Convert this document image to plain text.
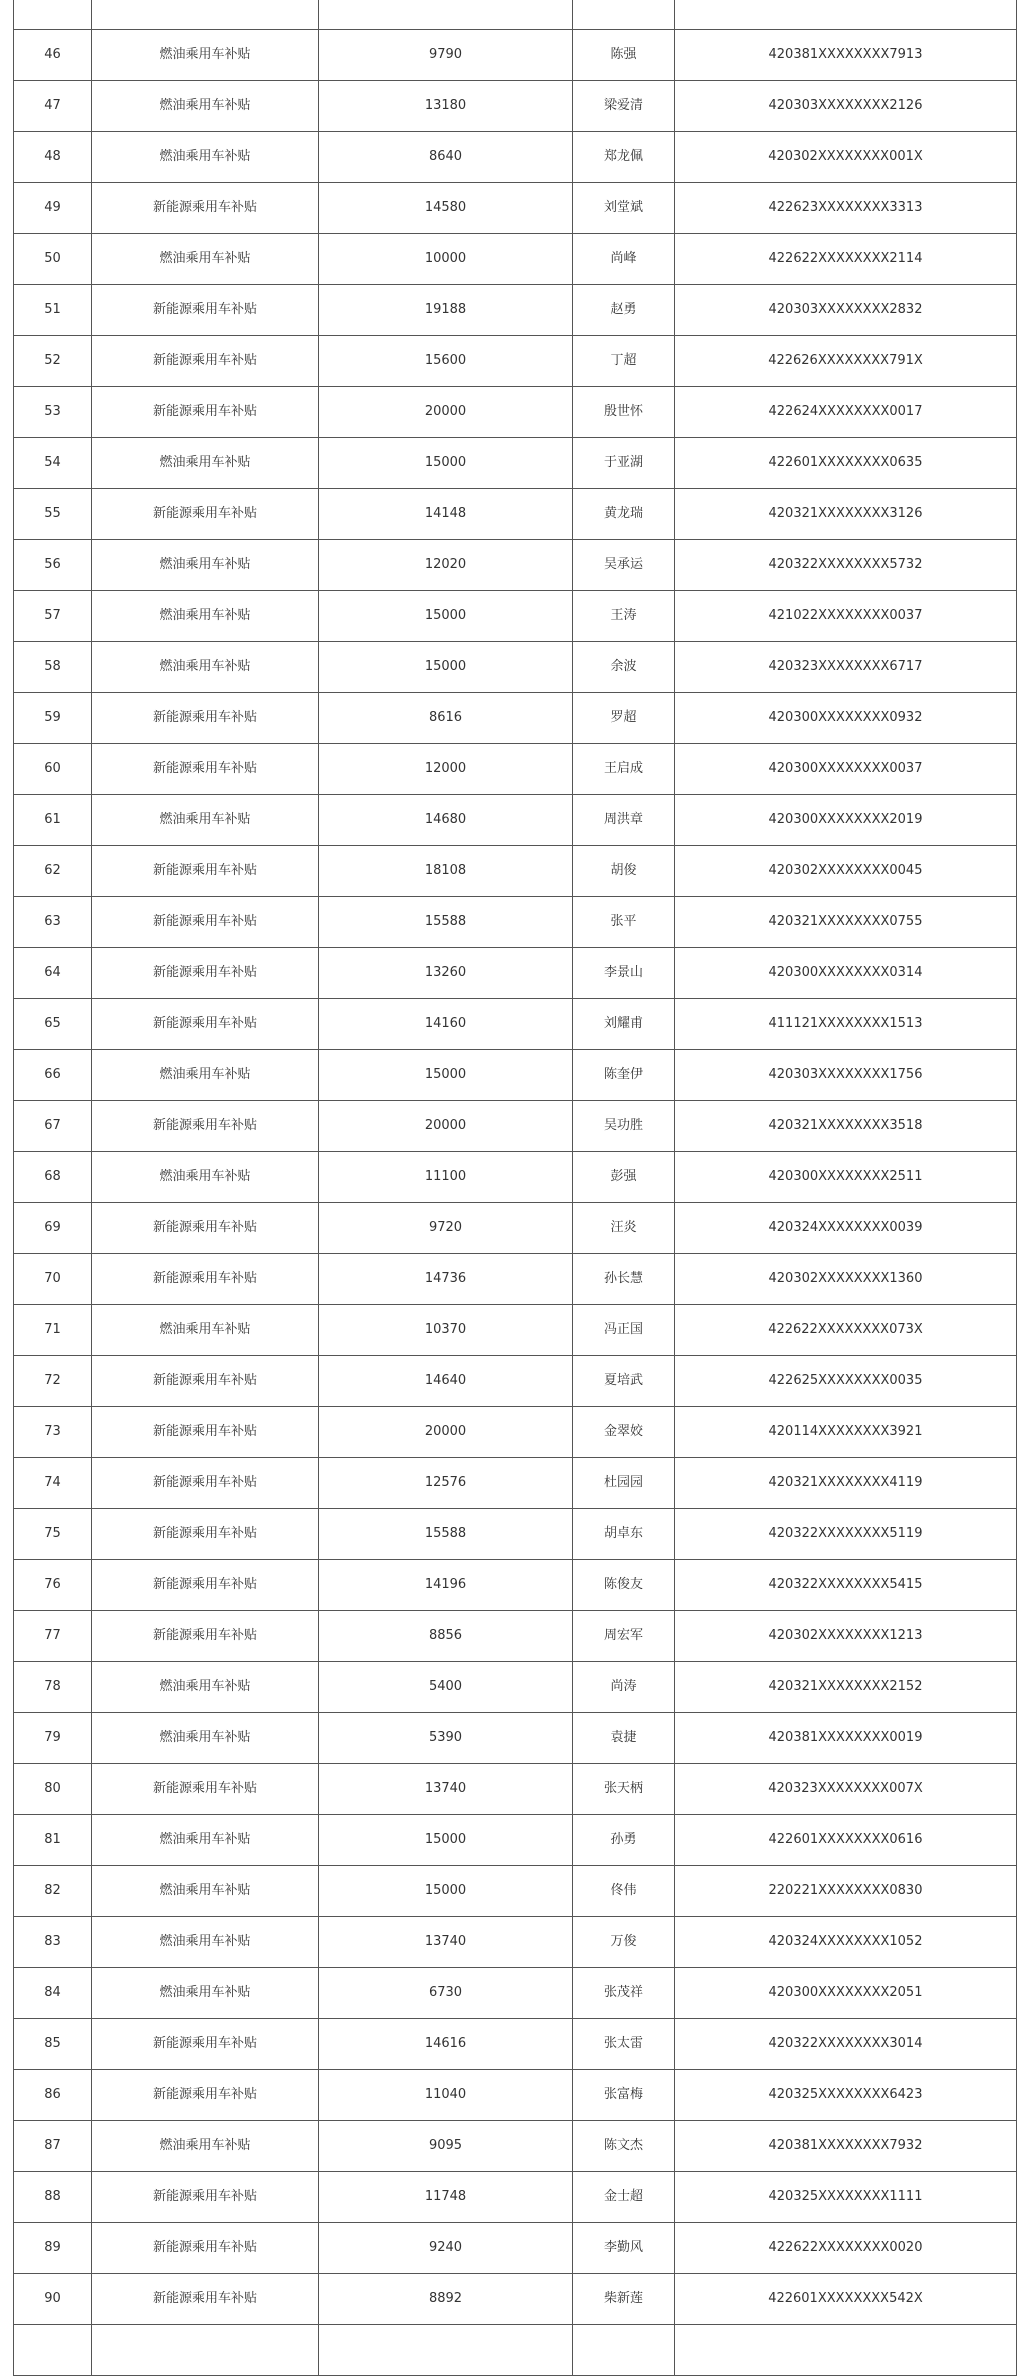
46	燃油乘用车补贴	9790	陈强	420381XXXXXXXX7913
47	燃油乘用车补贴	13180	梁爱清	420303XXXXXXXX2126
48	燃油乘用车补贴	8640	郑龙佩	420302XXXXXXXX001X
49	新能源乘用车补贴	14580	刘堂斌	422623XXXXXXXX3313
50	燃油乘用车补贴	10000	尚峰	422622XXXXXXXX2114
51	新能源乘用车补贴	19188	赵勇	420303XXXXXXXX2832
52	新能源乘用车补贴	15600	丁超	422626XXXXXXXX791X
53	新能源乘用车补贴	20000	殷世怀	422624XXXXXXXX0017
54	燃油乘用车补贴	15000	于亚湖	422601XXXXXXXX0635
55	新能源乘用车补贴	14148	黄龙瑞	420321XXXXXXXX3126
56	燃油乘用车补贴	12020	吴承运	420322XXXXXXXX5732
57	燃油乘用车补贴	15000	王涛	421022XXXXXXXX0037
58	燃油乘用车补贴	15000	余波	420323XXXXXXXX6717
59	新能源乘用车补贴	8616	罗超	420300XXXXXXXX0932
60	新能源乘用车补贴	12000	王启成	420300XXXXXXXX0037
61	燃油乘用车补贴	14680	周洪章	420300XXXXXXXX2019
62	新能源乘用车补贴	18108	胡俊	420302XXXXXXXX0045
63	新能源乘用车补贴	15588	张平	420321XXXXXXXX0755
64	新能源乘用车补贴	13260	李景山	420300XXXXXXXX0314
65	新能源乘用车补贴	14160	刘耀甫	411121XXXXXXXX1513
66	燃油乘用车补贴	15000	陈奎伊	420303XXXXXXXX1756
67	新能源乘用车补贴	20000	吴功胜	420321XXXXXXXX3518
68	燃油乘用车补贴	11100	彭强	420300XXXXXXXX2511
69	新能源乘用车补贴	9720	汪炎	420324XXXXXXXX0039
70	新能源乘用车补贴	14736	孙长慧	420302XXXXXXXX1360
71	燃油乘用车补贴	10370	冯正国	422622XXXXXXXX073X
72	新能源乘用车补贴	14640	夏培武	422625XXXXXXXX0035
73	新能源乘用车补贴	20000	金翠姣	420114XXXXXXXX3921
74	新能源乘用车补贴	12576	杜园园	420321XXXXXXXX4119
75	新能源乘用车补贴	15588	胡卓东	420322XXXXXXXX5119
76	新能源乘用车补贴	14196	陈俊友	420322XXXXXXXX5415
77	新能源乘用车补贴	8856	周宏军	420302XXXXXXXX1213
78	燃油乘用车补贴	5400	尚涛	420321XXXXXXXX2152
79	燃油乘用车补贴	5390	袁捷	420381XXXXXXXX0019
80	新能源乘用车补贴	13740	张天柄	420323XXXXXXXX007X
81	燃油乘用车补贴	15000	孙勇	422601XXXXXXXX0616
82	燃油乘用车补贴	15000	佟伟	220221XXXXXXXX0830
83	燃油乘用车补贴	13740	万俊	420324XXXXXXXX1052
84	燃油乘用车补贴	6730	张茂祥	420300XXXXXXXX2051
85	新能源乘用车补贴	14616	张太雷	420322XXXXXXXX3014
86	新能源乘用车补贴	11040	张富梅	420325XXXXXXXX6423
87	燃油乘用车补贴	9095	陈文杰	420381XXXXXXXX7932
88	新能源乘用车补贴	11748	金士超	420325XXXXXXXX1111
89	新能源乘用车补贴	9240	李勤风	422622XXXXXXXX0020
90	新能源乘用车补贴	8892	柴新莲	422601XXXXXXXX542X
